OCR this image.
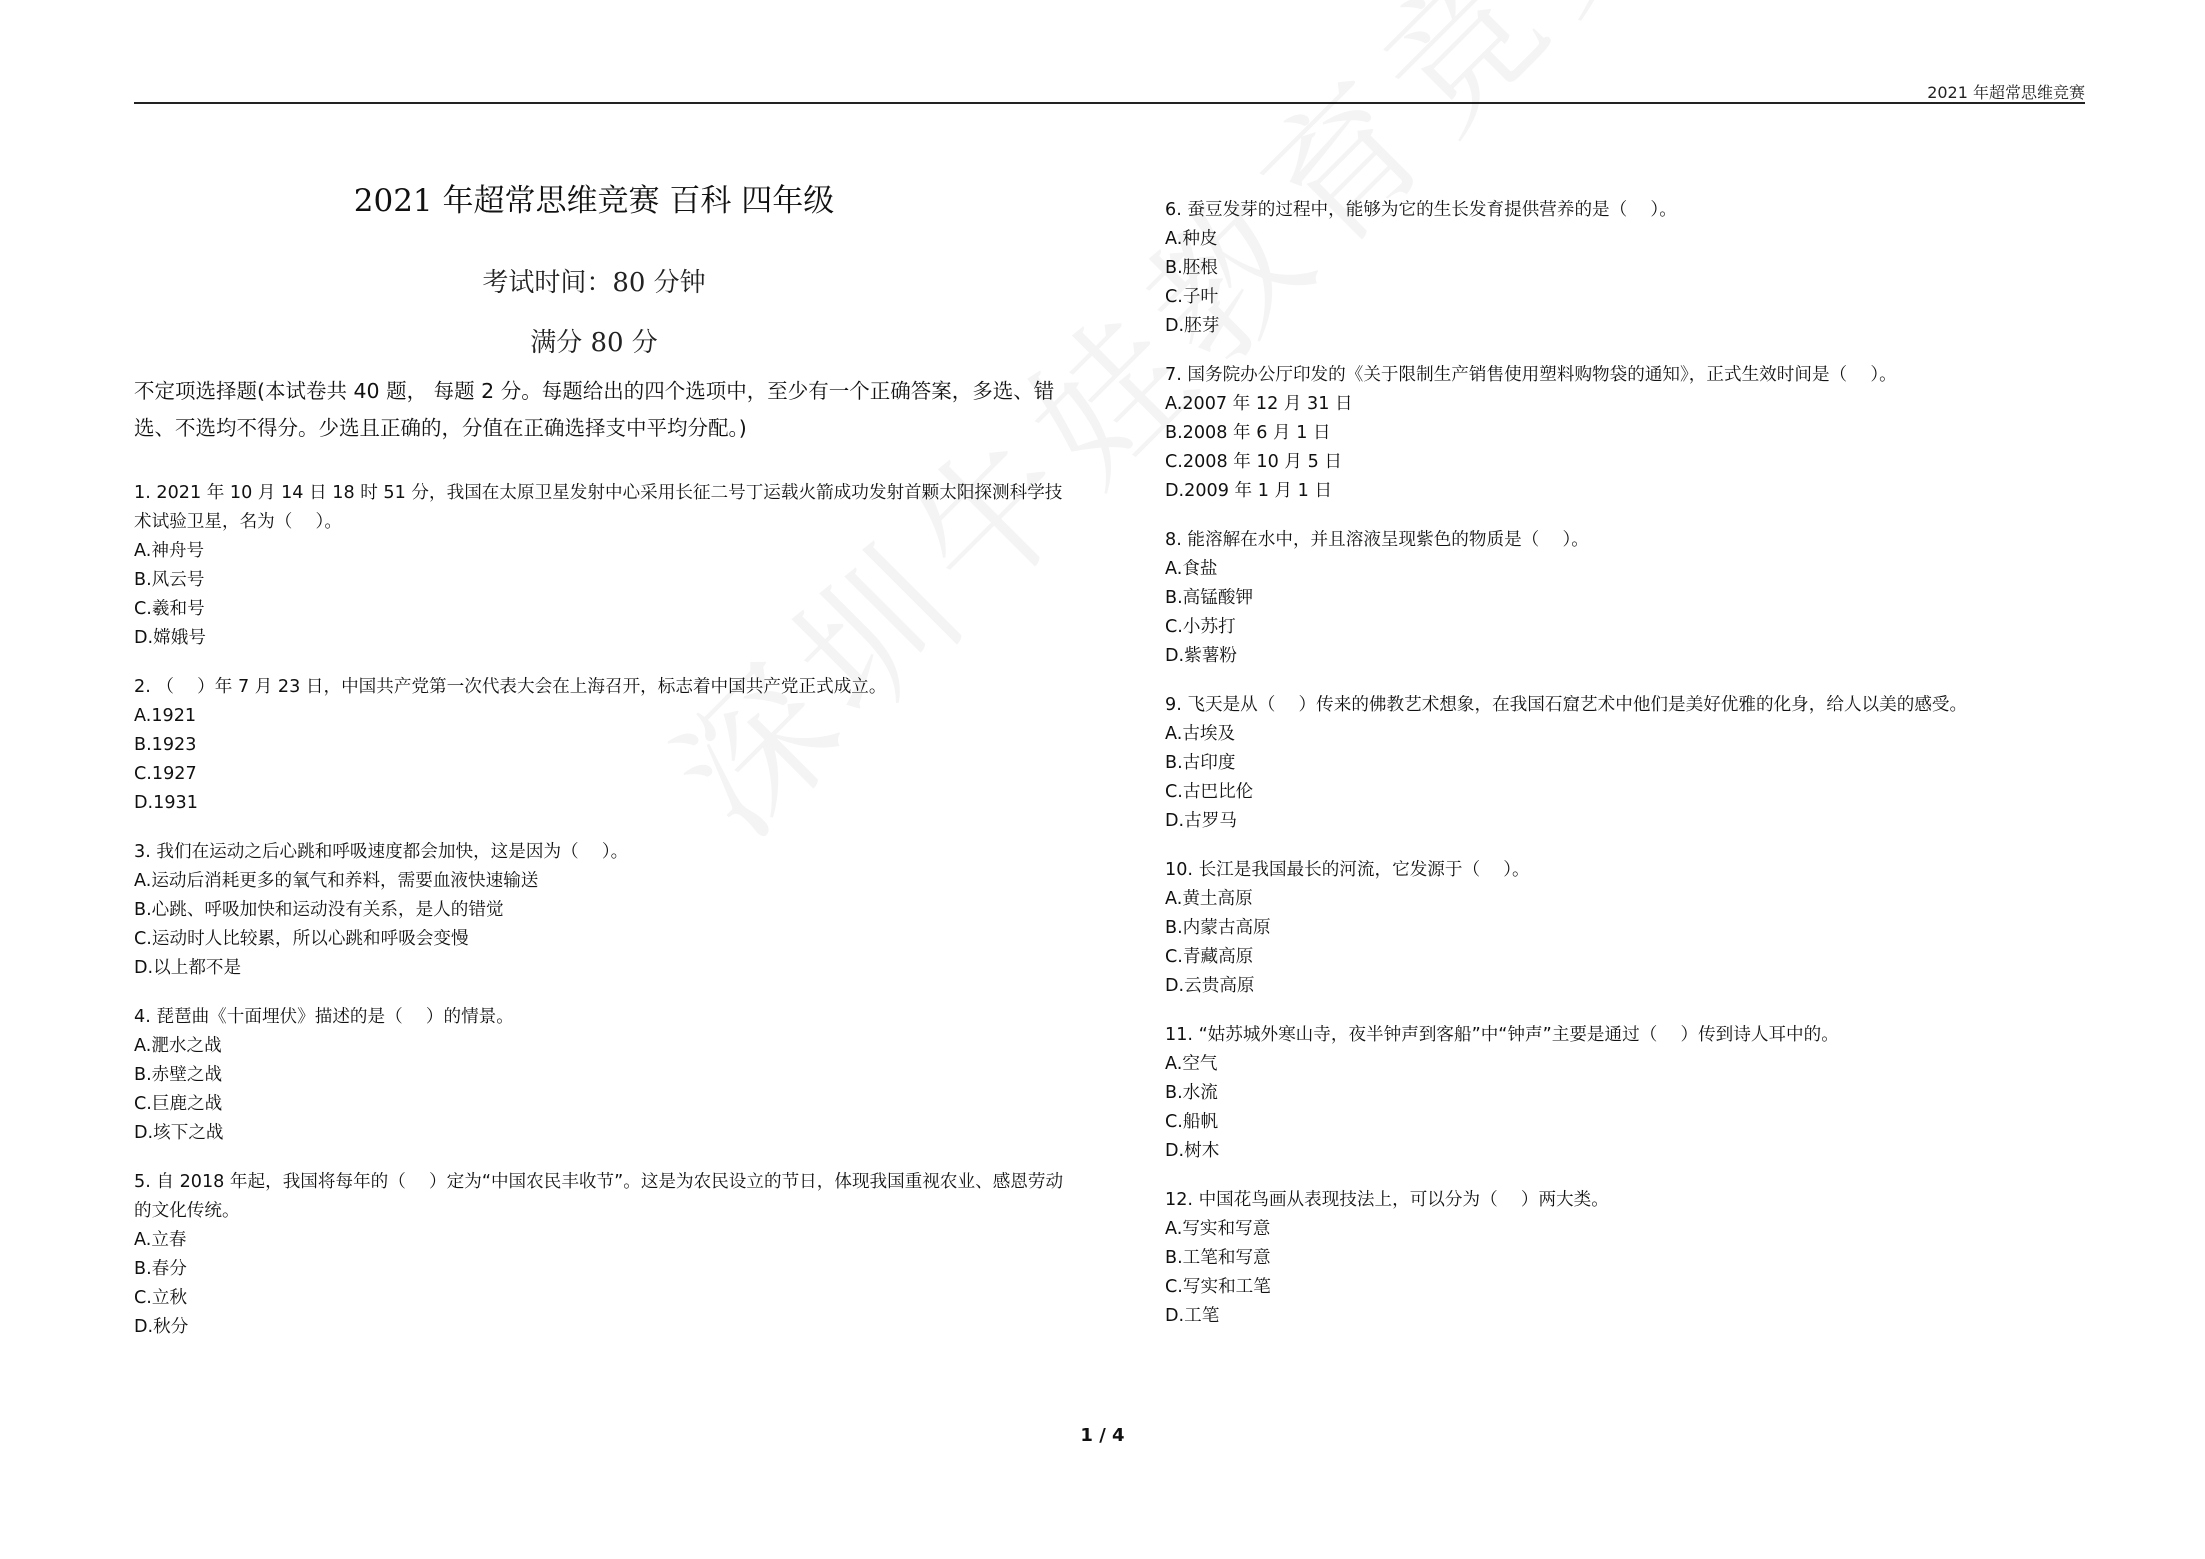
2021 年超常思维竞赛
2021 年超常思维竞赛 百科 四年级
考试时间：80 分钟
满分 80 分
不定项选择题(本试卷共 40 题， 每题 2 分。每题给出的四个选项中，至少有一个正确答案，多选、错选、不选均不得分。少选且正确的，分值在正确选择支中平均分配。)
1. 2021 年 10 月 14 日 18 时 51 分，我国在太原卫星发射中心采用长征二号丁运载火箭成功发射首颗太阳探测科学技术试验卫星，名为（　 ）。
A.神舟号
B.风云号
C.羲和号
D.嫦娥号
2. （　 ）年 7 月 23 日，中国共产党第一次代表大会在上海召开，标志着中国共产党正式成立。
A.1921
B.1923
C.1927
D.1931
3. 我们在运动之后心跳和呼吸速度都会加快，这是因为（　 ）。
A.运动后消耗更多的氧气和养料，需要血液快速输送
B.心跳、呼吸加快和运动没有关系，是人的错觉
C.运动时人比较累，所以心跳和呼吸会变慢
D.以上都不是
4. 琵琶曲《十面埋伏》描述的是（　 ）的情景。
A.淝水之战
B.赤壁之战
C.巨鹿之战
D.垓下之战
5. 自 2018 年起，我国将每年的（　 ）定为“中国农民丰收节”。这是为农民设立的节日，体现我国重视农业、感恩劳动的文化传统。
A.立春
B.春分
C.立秋
D.秋分
6. 蚕豆发芽的过程中，能够为它的生长发育提供营养的是（　 ）。
A.种皮
B.胚根
C.子叶
D.胚芽
7. 国务院办公厅印发的《关于限制生产销售使用塑料购物袋的通知》，正式生效时间是（　 ）。
A.2007 年 12 月 31 日
B.2008 年 6 月 1 日
C.2008 年 10 月 5 日
D.2009 年 1 月 1 日
8. 能溶解在水中，并且溶液呈现紫色的物质是（　 ）。
A.食盐
B.高锰酸钾
C.小苏打
D.紫薯粉
9. 飞天是从（　 ）传来的佛教艺术想象，在我国石窟艺术中他们是美好优雅的化身，给人以美的感受。
A.古埃及
B.古印度
C.古巴比伦
D.古罗马
10. 长江是我国最长的河流，它发源于（　 ）。
A.黄土高原
B.内蒙古高原
C.青藏高原
D.云贵高原
11. “姑苏城外寒山寺，夜半钟声到客船”中“钟声”主要是通过（　 ）传到诗人耳中的。
A.空气
B.水流
C.船帆
D.树木
12. 中国花鸟画从表现技法上，可以分为（　 ）两大类。
A.写实和写意
B.工笔和写意
C.写实和工笔
D.工笔
1 / 4
